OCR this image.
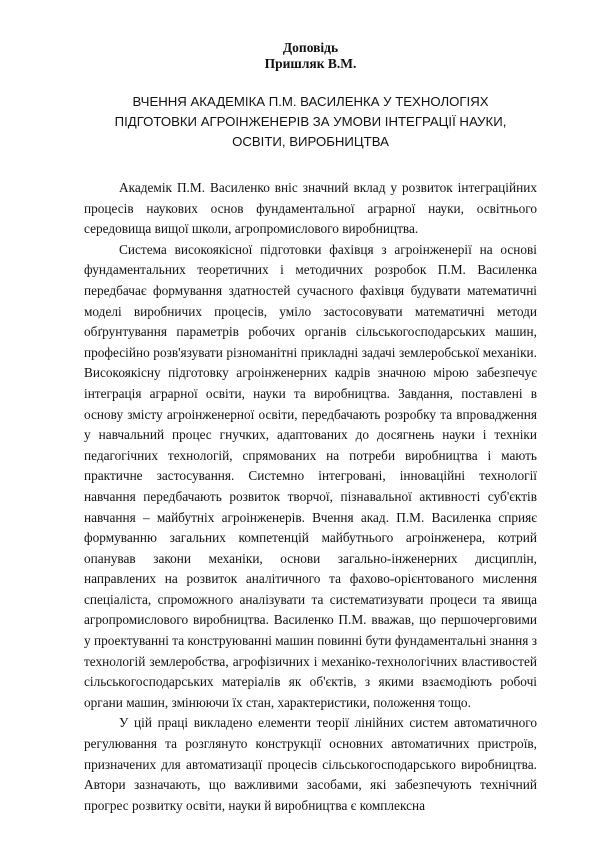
Доповідь

Пришляк В.М.

ВЧЕННЯ АКАДЕМІКА П.М. ВАСИЛЕНКА У ТЕХНОЛОГІЯХ ПІДГОТОВКИ АГРОІНЖЕНЕРІВ ЗА УМОВИ ІНТЕГРАЦІЇ НАУКИ, ОСВІТИ, ВИРОБНИЦТВА

Академік П.М. Василенко вніс значний вклад у розвиток інтеграційних процесів наукових основ фундаментальної аграрної науки, освітнього середовища вищої школи, агропромислового виробництва.

Система високоякісної підготовки фахівця з агроінженерії на основі фундаментальних теоретичних і методичних розробок П.М. Василенка передбачає формування здатностей сучасного фахівця будувати математичні моделі виробничих процесів, уміло застосовувати математичні методи обґрунтування параметрів робочих органів сільськогосподарських машин, професійно розв'язувати різноманітні прикладні задачі землеробської механіки. Високоякісну підготовку агроінженерних кадрів значною мірою забезпечує інтеграція аграрної освіти, науки та виробництва. Завдання, поставлені в основу змісту агроінженерної освіти, передбачають розробку та впровадження у навчальний процес гнучких, адаптованих до досягнень науки і техніки педагогічних технологій, спрямованих на потреби виробництва і мають практичне застосування. Системно інтегровані, інноваційні технології навчання передбачають розвиток творчої, пізнавальної активності суб'єктів навчання – майбутніх агроінженерів. Вчення акад. П.М. Василенка сприяє формуванню загальних компетенцій майбутнього агроінженера, котрий опанував закони механіки, основи загально-інженерних дисциплін, направлених на розвиток аналітичного та фахово-орієнтованого мислення спеціаліста, спроможного аналізувати та систематизувати процеси та явища агропромислового виробництва. Василенко П.М. вважав, що першочерговими у проектуванні та конструюванні машин повинні бути фундаментальні знання з технологій землеробства, агрофізичних і механіко-технологічних властивостей сільськогосподарських матеріалів як об'єктів, з якими взаємодіють робочі органи машин, змінюючи їх стан, характеристики, положення тощо.

У цій праці викладено елементи теорії лінійних систем автоматичного регулювання та розглянуто конструкції основних автоматичних пристроїв, призначених для автоматизації процесів сільськогосподарського виробництва. Автори зазначають, що важливими засобами, які забезпечують технічний прогрес розвитку освіти, науки й виробництва є комплексна
